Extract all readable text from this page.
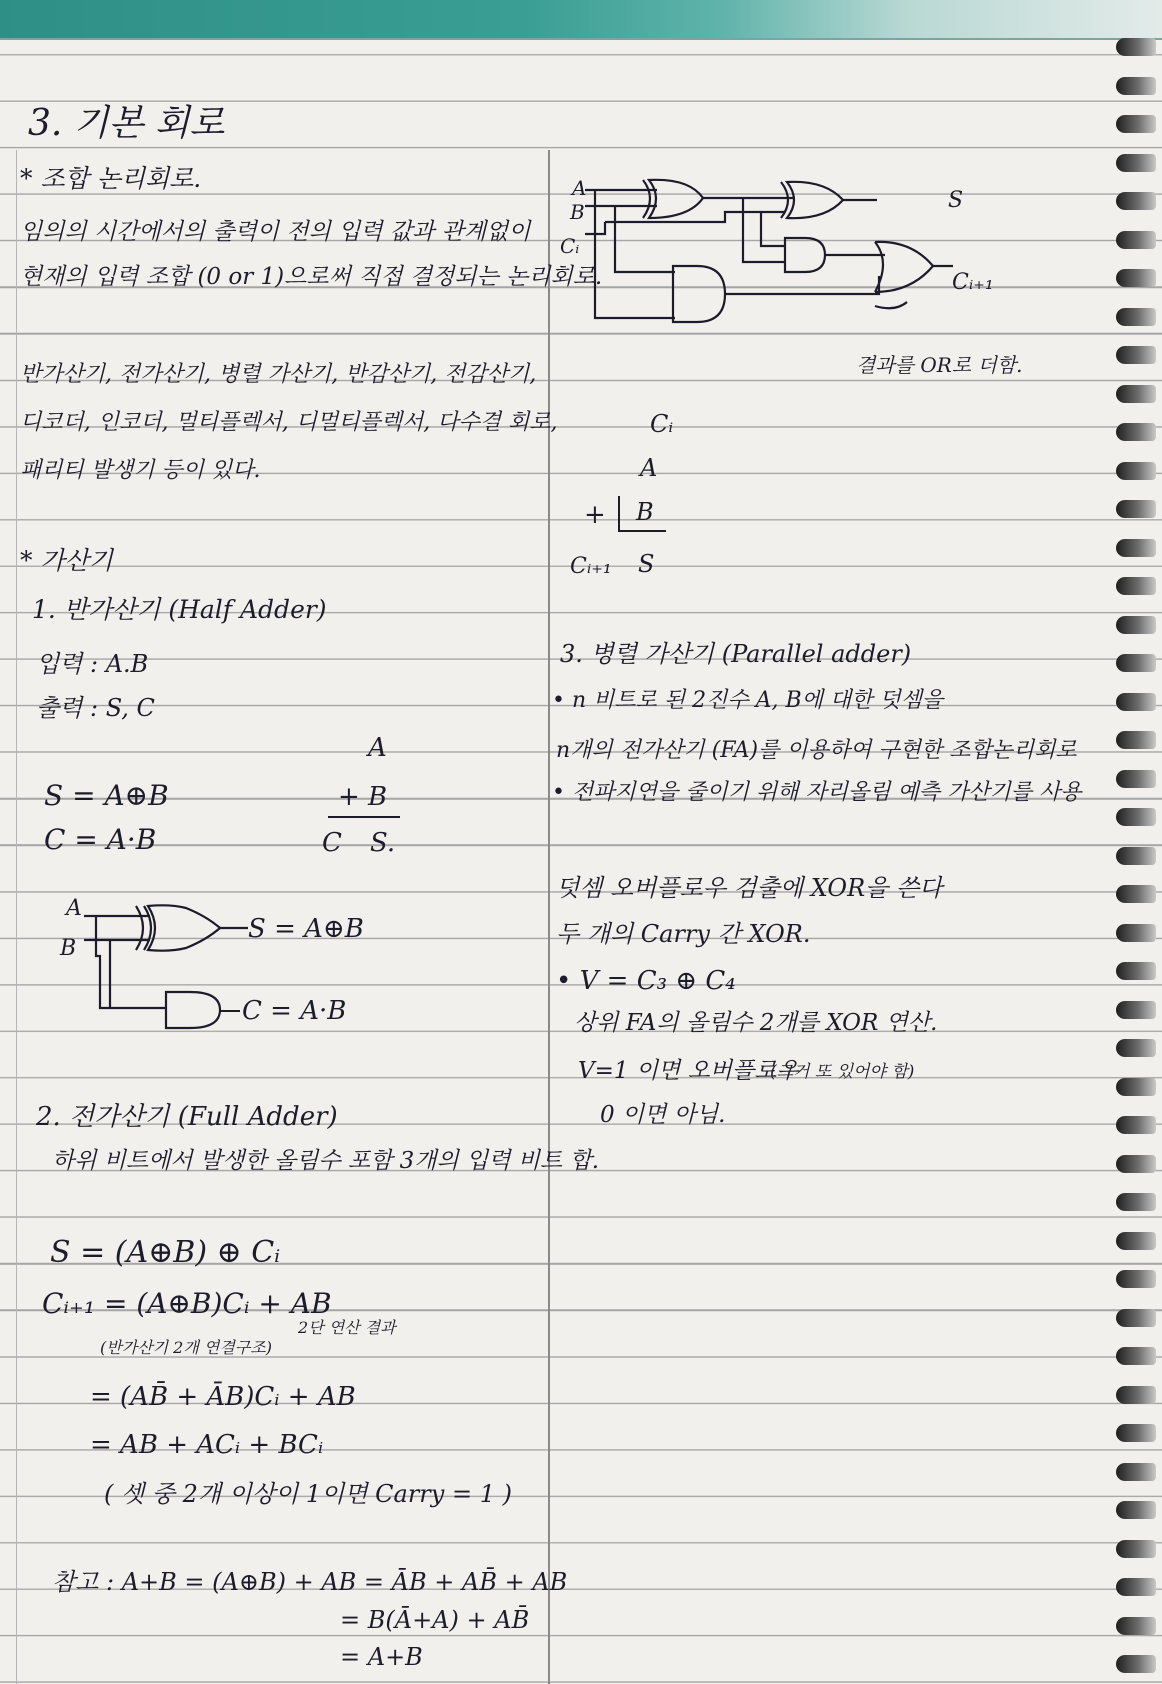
3. 기본 회로
* 조합 논리회로.
임의의 시간에서의 출력이 전의 입력 값과 관계없이
현재의 입력 조합 (0 or 1)으로써 직접 결정되는 논리회로.
반가산기, 전가산기, 병렬 가산기, 반감산기, 전감산기,
디코더, 인코더, 멀티플렉서, 디멀티플렉서, 다수결 회로,
패리티 발생기 등이 있다.
* 가산기
1. 반가산기 (Half Adder)
입력 : A.B
출력 : S, C
S = A⊕B
C = A·B
A
+ B
C S.
A
B
S = A⊕B
C = A·B
2. 전가산기 (Full Adder)
하위 비트에서 발생한 올림수 포함 3개의 입력 비트 합.
S = (A⊕B) ⊕ Cᵢ
Cᵢ₊₁ = (A⊕B)Cᵢ + AB
2단 연산 결과
(반가산기 2개 연결구조)
= (AB̄ + ĀB)Cᵢ + AB
= AB + ACᵢ + BCᵢ
( 셋 중 2개 이상이 1이면 Carry = 1 )
참고 : A+B = (A⊕B) + AB = ĀB + AB̄ + AB
= B(Ā+A) + AB̄
= A+B
A
B
Cᵢ
S
Cᵢ₊₁
결과를 OR로 더함.
Cᵢ
A
+ B
Cᵢ₊₁ S
3. 병렬 가산기 (Parallel adder)
• n 비트로 된 2진수 A, B에 대한 덧셈을
n개의 전가산기 (FA)를 이용하여 구현한 조합논리회로
• 전파지연을 줄이기 위해 자리올림 예측 가산기를 사용
덧셈 오버플로우 검출에 XOR을 쓴다
두 개의 Carry 간 XOR.
• V = C₃ ⊕ C₄
상위 FA의 올림수 2개를 XOR 연산.
V=1 이면 오버플로우
(그거 또 있어야 함)
0 이면 아님.
